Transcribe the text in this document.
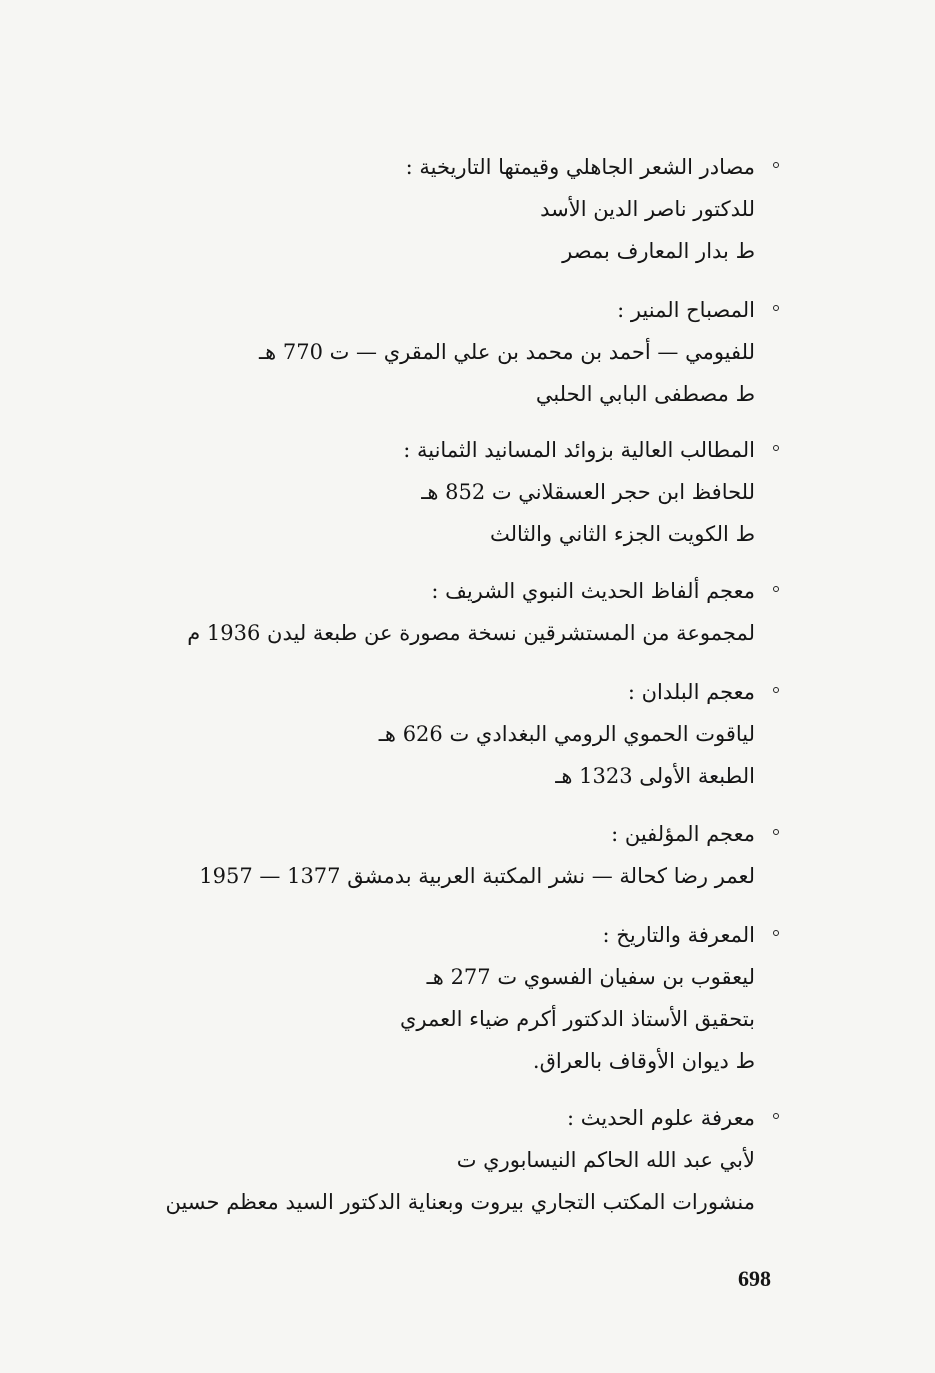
مصادر الشعر الجاهلي وقيمتها التاريخية :
للدكتور ناصر الدين الأسد
ط بدار المعارف بمصر
المصباح المنير :
للفيومي — أحمد بن محمد بن علي المقري — ت 770 هـ
ط مصطفى البابي الحلبي
المطالب العالية بزوائد المسانيد الثمانية :
للحافظ ابن حجر العسقلاني ت 852 هـ
ط الكويت الجزء الثاني والثالث
معجم ألفاظ الحديث النبوي الشريف :
لمجموعة من المستشرقين نسخة مصورة عن طبعة ليدن 1936 م
معجم البلدان :
لياقوت الحموي الرومي البغدادي ت 626 هـ
الطبعة الأولى 1323 هـ
معجم المؤلفين :
لعمر رضا كحالة — نشر المكتبة العربية بدمشق 1377 — 1957
المعرفة والتاريخ :
ليعقوب بن سفيان الفسوي ت 277 هـ
بتحقيق الأستاذ الدكتور أكرم ضياء العمري
ط ديوان الأوقاف بالعراق.
معرفة علوم الحديث :
لأبي عبد الله الحاكم النيسابوري ت
منشورات المكتب التجاري بيروت وبعناية الدكتور السيد معظم حسين
698
